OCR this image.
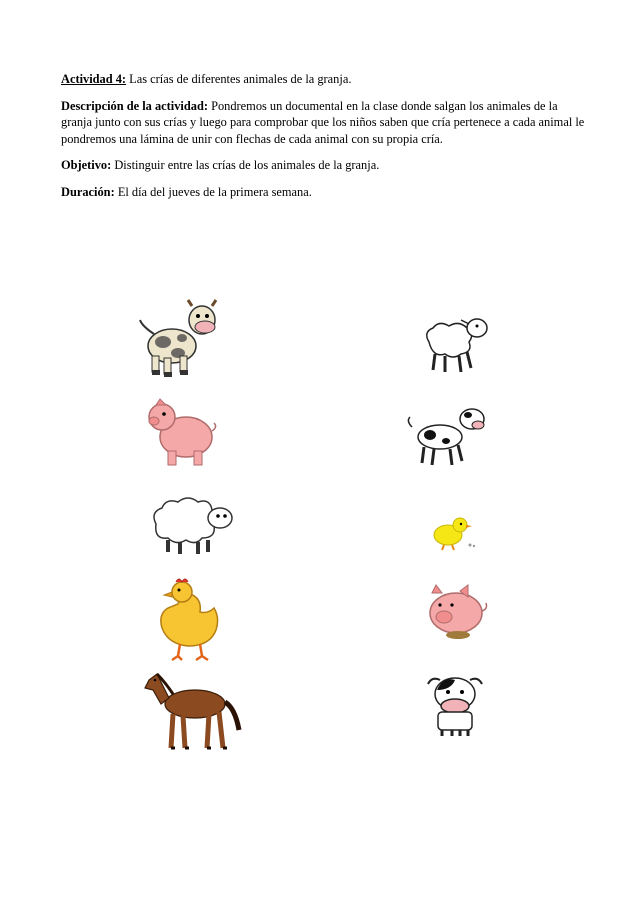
Actividad 4: Las crías de diferentes animales de la granja.

Descripción de la actividad: Pondremos un documental en la clase donde salgan los animales de la granja junto con sus crías y luego para comprobar que los niños saben que cría pertenece a cada animal le pondremos una lámina de unir con flechas de cada animal con su propia cría.

Objetivo: Distinguir entre las crías de los animales de la granja.

Duración: El día del jueves de la primera semana.
